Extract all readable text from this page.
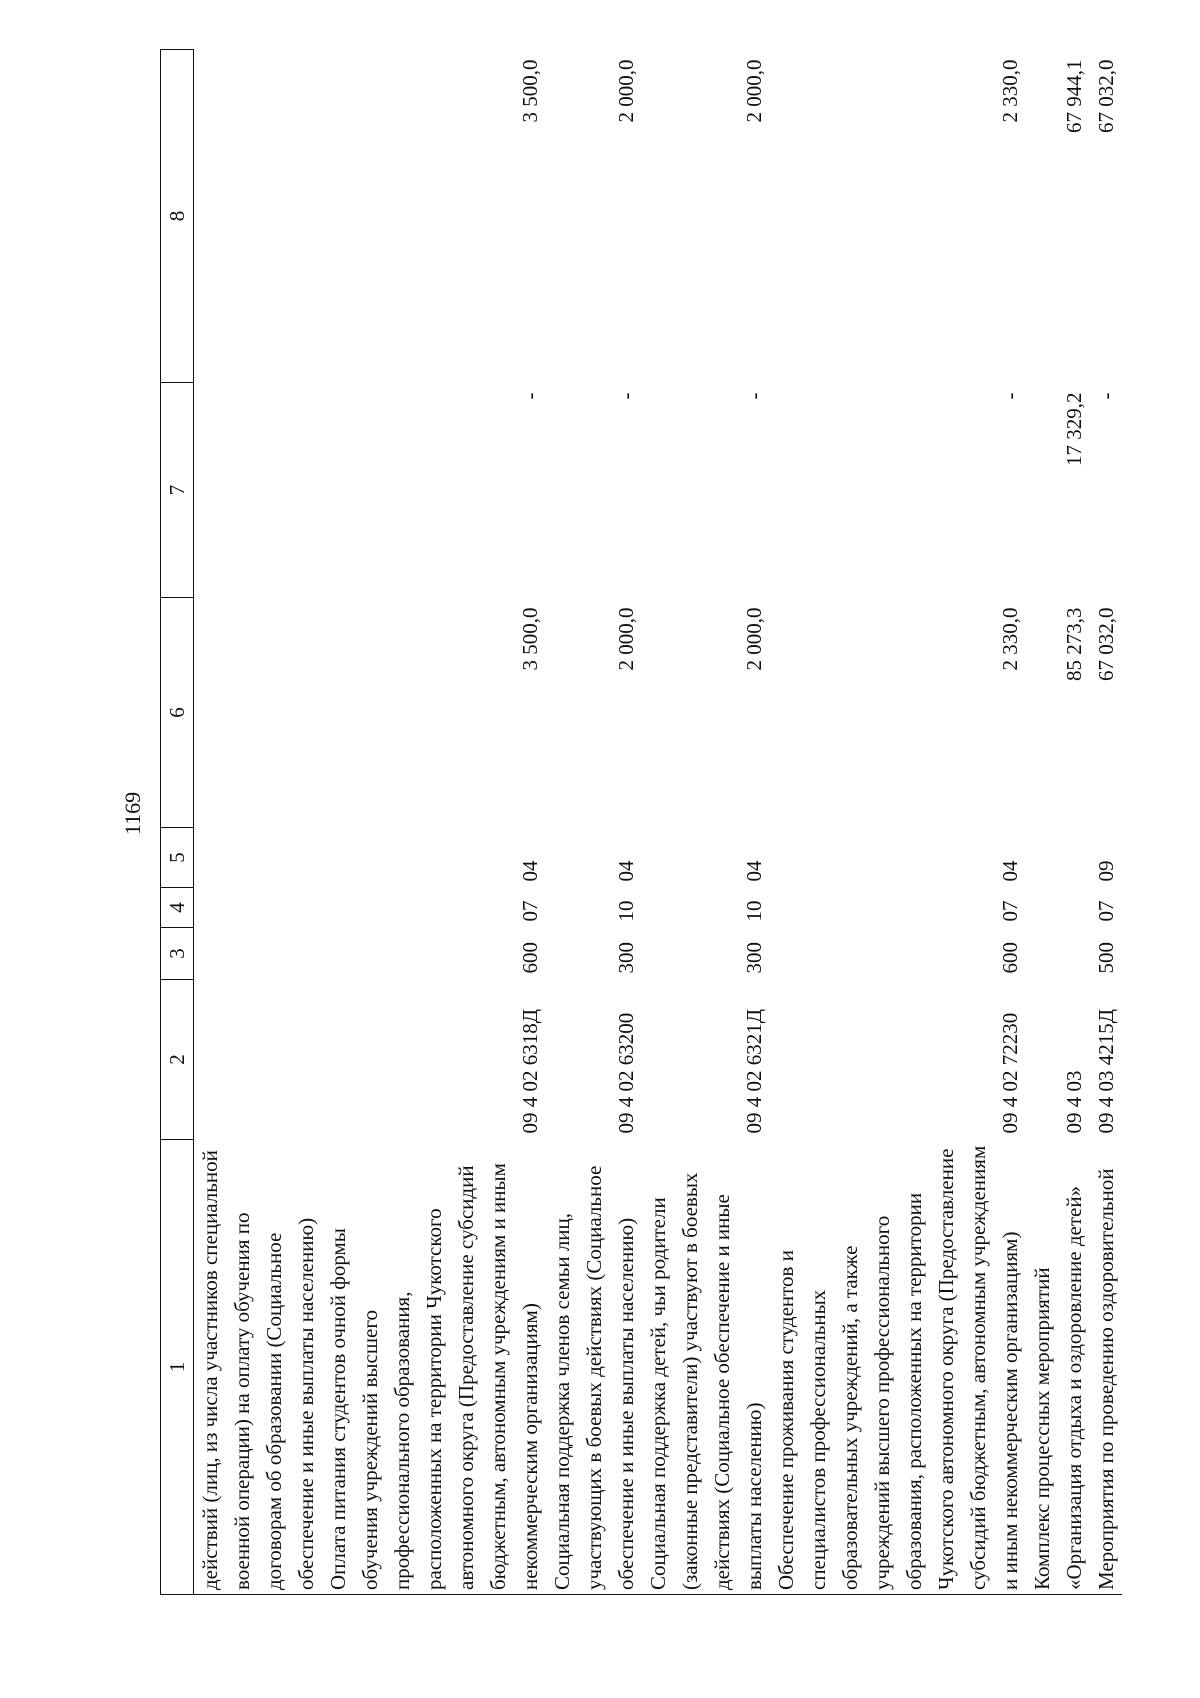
1169
1	2	3	4	5	6	7	8
действий (лиц, из числа участников специальной военной операции) на оплату обучения по договорам об образовании (Социальное обеспечение и иные выплаты населению)							
Оплата питания студентов очной формы обучения учреждений высшего профессионального образования, расположенных на территории Чукотского автономного округа (Предоставление субсидий бюджетным, автономным учреждениям и иным некоммерческим организациям)	09 4 02 6318Д	600	07	04	3 500,0	-	3 500,0
Социальная поддержка членов семьи лиц, участвующих в боевых действиях (Социальное обеспечение и иные выплаты населению)	09 4 02 63200	300	10	04	2 000,0	-	2 000,0
Социальная поддержка детей, чьи родители (законные представители) участвуют в боевых действиях (Социальное обеспечение и иные выплаты населению)	09 4 02 6321Д	300	10	04	2 000,0	-	2 000,0
Обеспечение проживания студентов и специалистов профессиональных образовательных учреждений, а также учреждений высшего профессионального образования, расположенных на территории Чукотского автономного округа (Предоставление субсидий бюджетным, автономным учреждениям и иным некоммерческим организациям)	09 4 02 72230	600	07	04	2 330,0	-	2 330,0
Комплекс процессных мероприятий «Организация отдыха и оздоровление детей»	09 4 03				85 273,3	17 329,2	67 944,1
Мероприятия по проведению оздоровительной	09 4 03 4215Д	500	07	09	67 032,0	-	67 032,0
